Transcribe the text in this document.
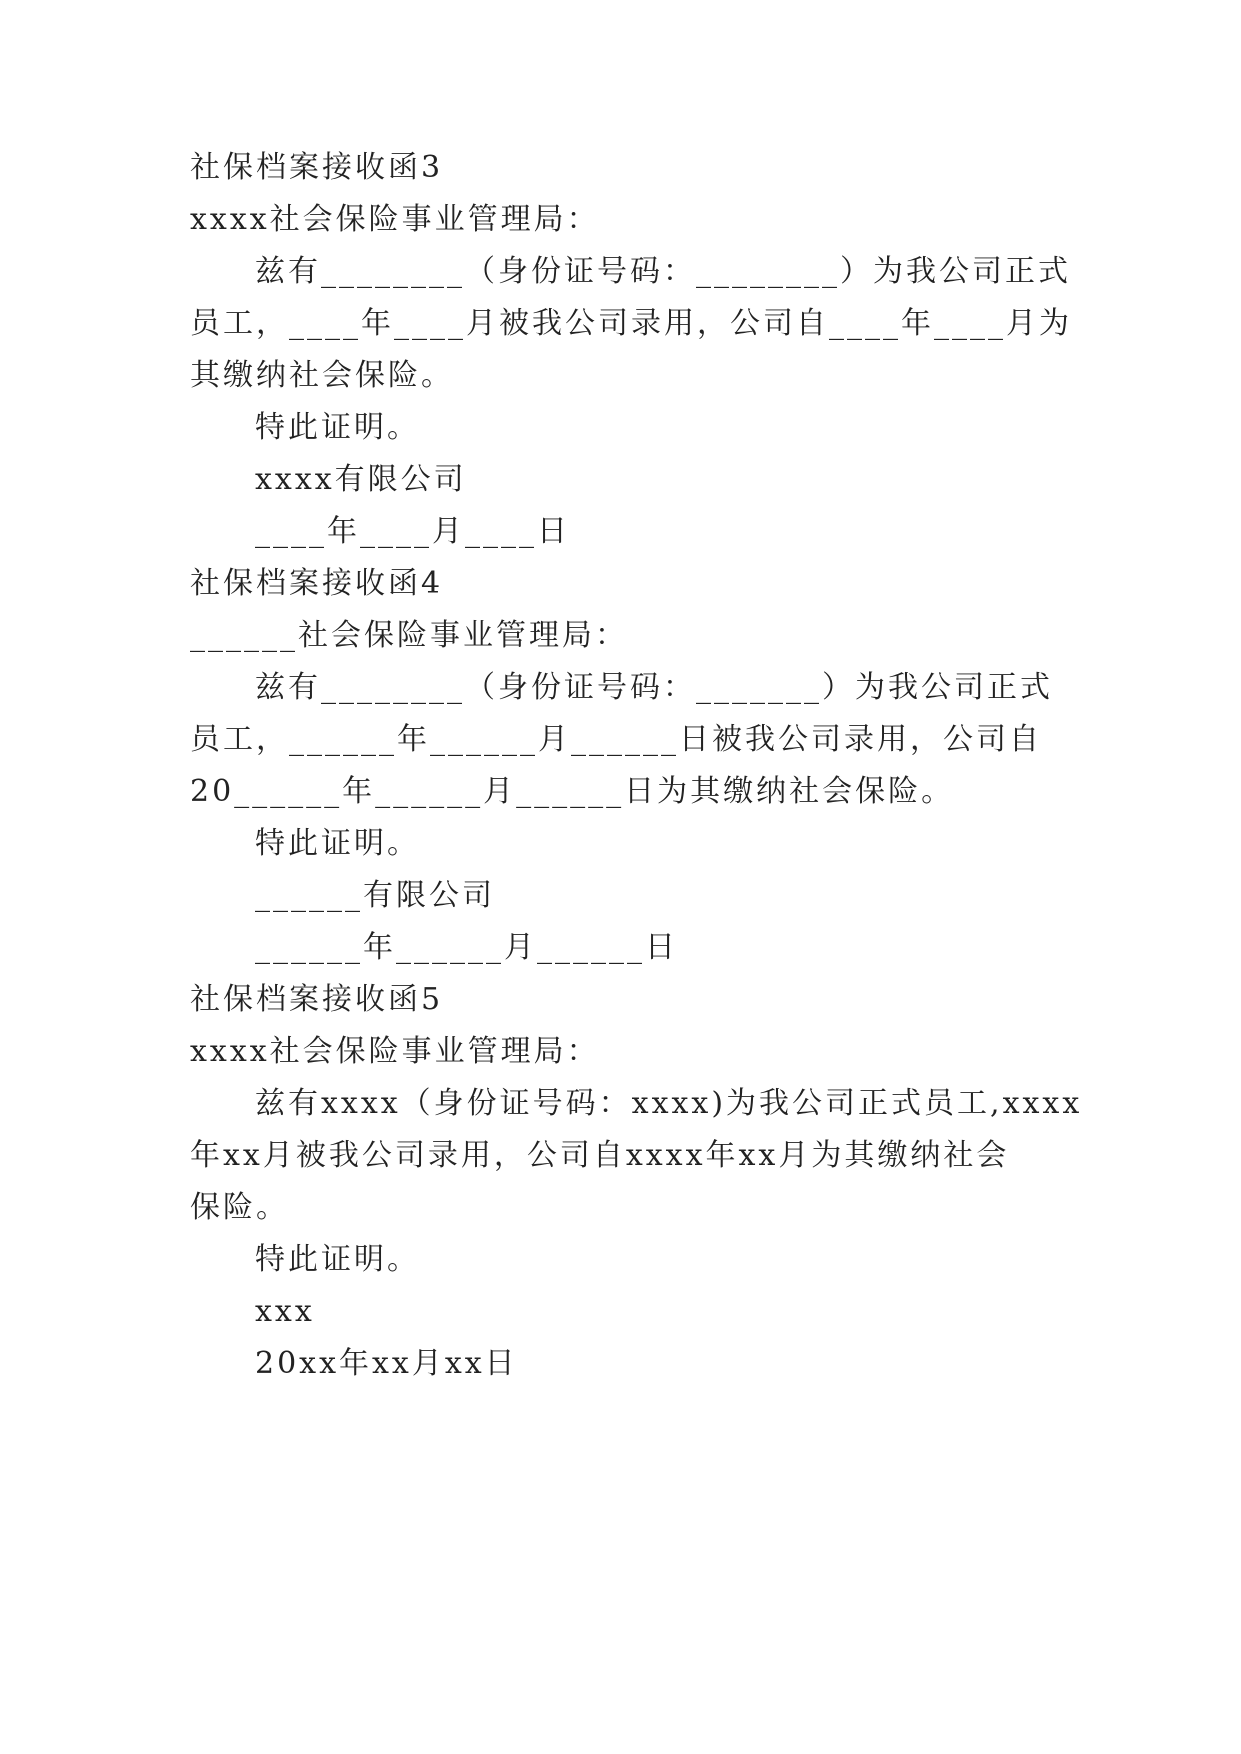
社保档案接收函3
xxxx社会保险事业管理局：
兹有________（身份证号码：________）为我公司正式
员工，____年____月被我公司录用，公司自____年____月为
其缴纳社会保险。
特此证明。
xxxx有限公司
____年____月____日
社保档案接收函4
______社会保险事业管理局：
兹有________（身份证号码：_______）为我公司正式
员工，______年______月______日被我公司录用，公司自
20______年______月______日为其缴纳社会保险。
特此证明。
______有限公司
______年______月______日
社保档案接收函5
xxxx社会保险事业管理局：
兹有xxxx（身份证号码：xxxx)为我公司正式员工,xxxx
年xx月被我公司录用，公司自xxxx年xx月为其缴纳社会
保险。
特此证明。
xxx
20xx年xx月xx日
